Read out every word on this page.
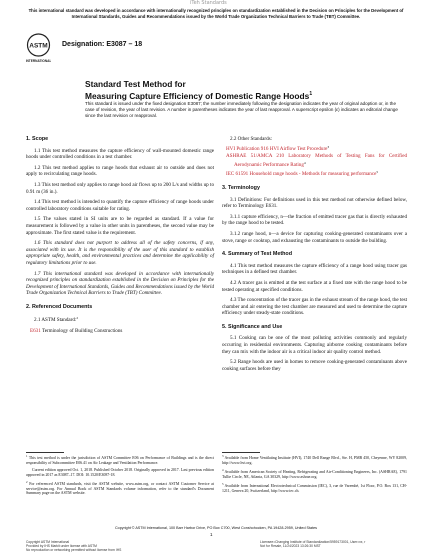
iTeh Standards
This international standard was developed in accordance with internationally recognized principles on standardization established in the Decision on Principles for the Development of International Standards, Guides and Recommendations issued by the World Trade Organization Technical Barriers to Trade (TBT) Committee.
ASTM
INTERNATIONAL
Designation: E3087 – 18
Standard Test Method for
Measuring Capture Efficiency of Domestic Range Hoods$^1$
This standard is issued under the fixed designation E3087; the number immediately following the designation indicates the year of original adoption or, in the case of revision, the year of last revision. A number in parentheses indicates the year of last reapproval. A superscript epsilon (ε) indicates an editorial change since the last revision or reapproval.
1. Scope

1.1 This test method measures the capture efficiency of wall-mounted domestic range hoods under controlled conditions in a test chamber.

1.2 This test method applies to range hoods that exhaust air to outside and does not apply to recirculating range hoods.

1.3 This test method only applies to range hood air flows up to 200 L/s and widths up to 0.91 m (36 in.).

1.4 This test method is intended to quantify the capture efficiency of range hoods under controlled laboratory conditions suitable for rating.

1.5 The values stated in SI units are to be regarded as standard. If a value for measurement is followed by a value in other units in parentheses, the second value may be approximate. The first stated value is the requirement.

1.6 This standard does not purport to address all of the safety concerns, if any, associated with its use. It is the responsibility of the user of this standard to establish appropriate safety, health, and environmental practices and determine the applicability of regulatory limitations prior to use.

1.7 This international standard was developed in accordance with internationally recognized principles on standardization established in the Decision on Principles for the Development of International Standards, Guides and Recommendations issued by the World Trade Organization Technical Barriers to Trade (TBT) Committee.

2. Referenced Documents

2.1 ASTM Standard:$^2$

E631 Terminology of Building Constructions

2.2 Other Standards:

HVI Publication 916 HVI Airflow Test Procedure$^3$
ASHRAE 51/AMCA 210 Laboratory Methods of Testing Fans for Certified Aerodynamic Performance Rating$^4$
IEC 61591 Household range hoods - Methods for measuring performance$^5$
3. Terminology

3.1 Definitions: For definitions used in this test method not otherwise defined below, refer to Terminology E631.

3.1.1 capture efficiency, n—the fraction of emitted tracer gas that is directly exhausted by the range hood to be tested.

3.1.2 range hood, n—a device for capturing cooking-generated contaminants over a stove, range or cooktop, and exhausting the contaminants to outside the building.

4. Summary of Test Method

4.1 This test method measures the capture efficiency of a range hood using tracer gas techniques in a defined test chamber.

4.2 A tracer gas is emitted at the test surface at a fixed rate with the range hood to be tested operating at specified conditions.

4.3 The concentration of the tracer gas in the exhaust stream of the range hood, the test chamber and air entering the test chamber are measured and used to determine the capture efficiency under steady-state conditions.

5. Significance and Use

5.1 Cooking can be one of the most polluting activities commonly and regularly occurring in residential environments. Capturing airborne cooking contaminants before they can mix with the indoor air is a critical indoor air quality control method.

5.2 Range hoods are used in homes to remove cooking-generated contaminants above cooking surfaces before they

$^1$ This test method is under the jurisdiction of ASTM Committee E06 on Performance of Buildings and is the direct responsibility of Subcommittee E06.41 on Air Leakage and Ventilation Performance.

Current edition approved Oct. 1, 2018. Published October 2018. Originally approved in 2017. Last previous edition approved in 2017 as E3087–17. DOI: 10.1520/E3087-18.

$^2$ For referenced ASTM standards, visit the ASTM website, www.astm.org, or contact ASTM Customer Service at service@astm.org. For Annual Book of ASTM Standards volume information, refer to the standard's Document Summary page on the ASTM website.

$^3$ Available from Home Ventilating Institute (HVI), 1740 Dell Range Blvd., Ste. H, PMB 450, Cheyenne, WY 82009, http://www.hvi.org.

$^4$ Available from American Society of Heating, Refrigerating and Air-Conditioning Engineers, Inc. (ASHRAE), 1791 Tullie Circle, NE, Atlanta, GA 30329, http://www.ashrae.org.

$^5$ Available from International Electrotechnical Commission (IEC), 3, rue de Varembé, 1st Floor, P.O. Box 131, CH-1211, Geneva 20, Switzerland, http://www.iec.ch.

Copyright © ASTM International, 100 Barr Harbor Drive, PO Box C700, West Conshohocken, PA 19428-2959, United States
1
Copyright ASTM International
Provided by IHS Markit under license with ASTM
No reproduction or networking permitted without license from IHS
Licensee=Changing Institute of Standardization/5959173001, User=xx, r
Not for Resale, 11/24/2023 13:26:30 MST
